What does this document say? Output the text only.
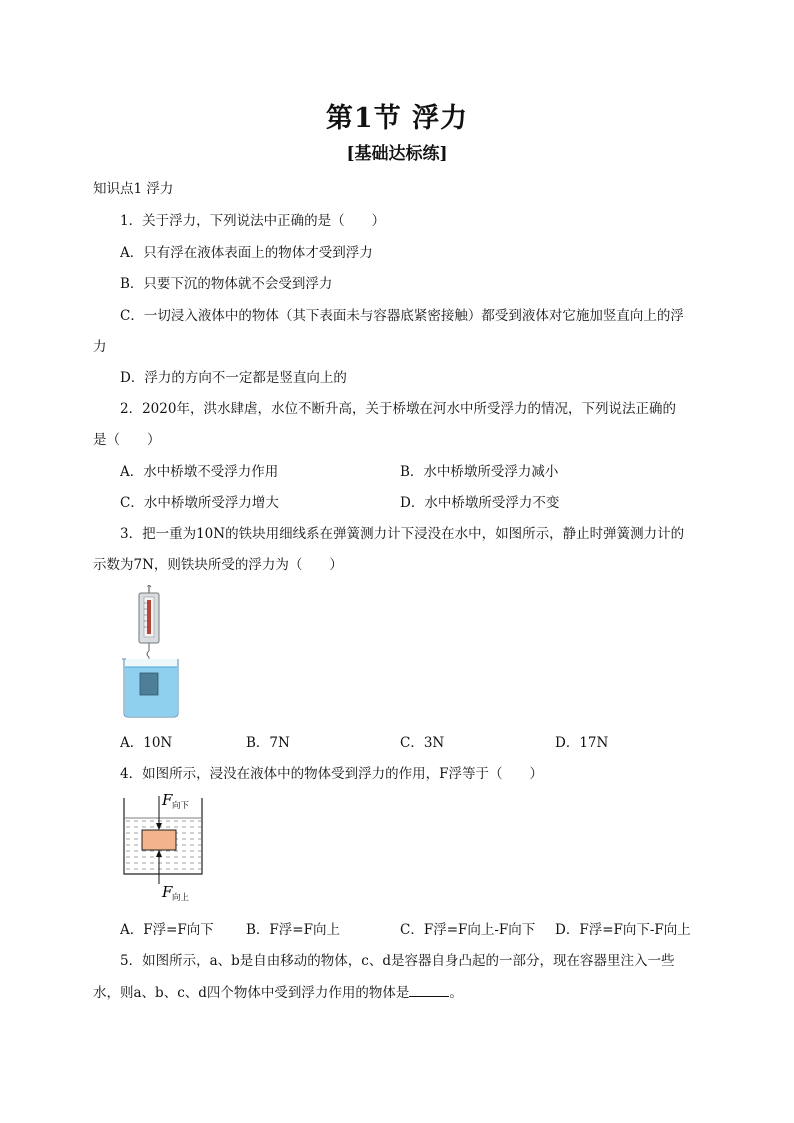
第1节 浮力
[基础达标练]
知识点1 浮力
1．关于浮力，下列说法中正确的是（　　）
A．只有浮在液体表面上的物体才受到浮力
B．只要下沉的物体就不会受到浮力
C．一切浸入液体中的物体（其下表面未与容器底紧密接触）都受到液体对它施加竖直向上的浮
力
D．浮力的方向不一定都是竖直向上的
2．2020年，洪水肆虐，水位不断升高，关于桥墩在河水中所受浮力的情况，下列说法正确的
是（　　）
A．水中桥墩不受浮力作用	B．水中桥墩所受浮力减小
C．水中桥墩所受浮力增大	D．水中桥墩所受浮力不变
3．把一重为10N的铁块用细线系在弹簧测力计下浸没在水中，如图所示，静止时弹簧测力计的
示数为7N，则铁块所受的浮力为（　　）
A．10N	B．7N	C．3N	D．17N
4．如图所示，浸没在液体中的物体受到浮力的作用，F浮等于（　　）
F 向下
F 向上
A．F浮=F向下 B．F浮=F向上	C．F浮=F向上-F向下 D．F浮=F向下-F向上
5．如图所示，a、b是自由移动的物体，c、d是容器自身凸起的一部分，现在容器里注入一些
水，则a、b、c、d四个物体中受到浮力作用的物体是	。
